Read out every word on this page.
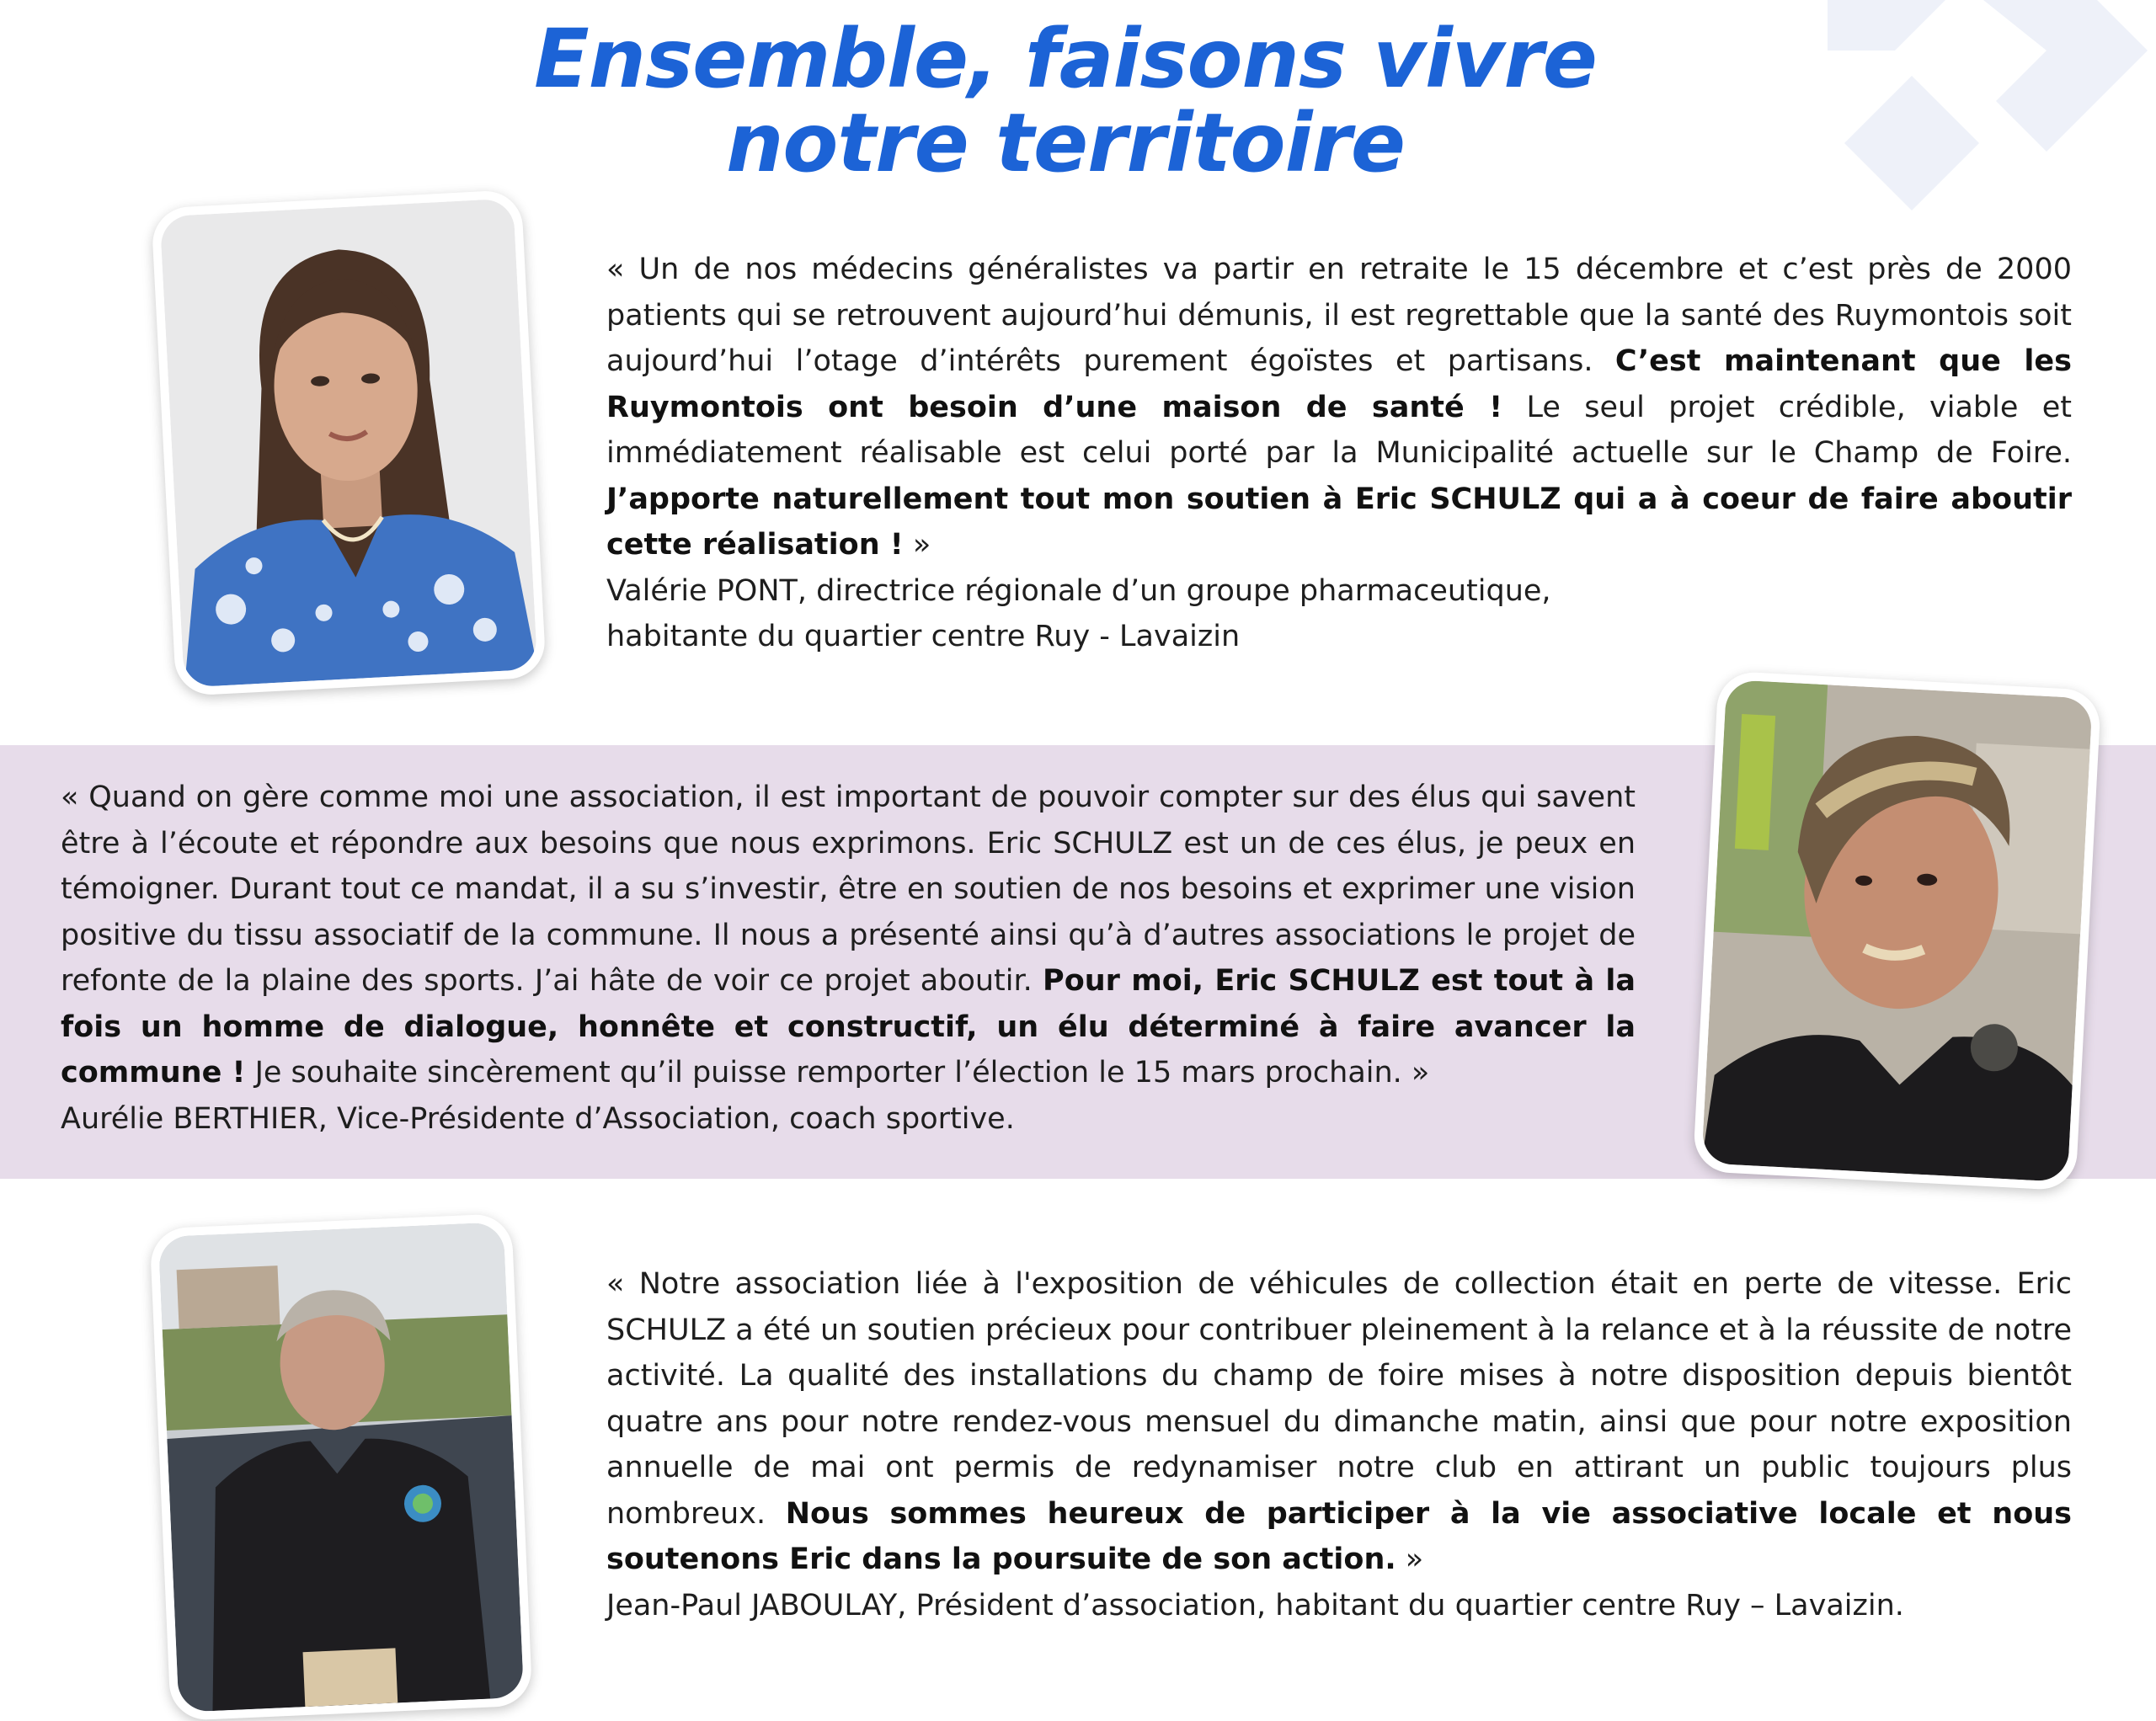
Ensemble, faisons vivre
notre territoire
« Un de nos médecins généralistes va partir en retraite le 15 décembre et c’est près de 2000 patients qui se retrouvent aujourd’hui démunis, il est regrettable que la santé des Ruymontois soit aujourd’hui l’otage d’intérêts purement égoïstes et partisans. C’est maintenant que les Ruymontois ont besoin d’une maison de santé ! Le seul projet crédible, viable et immédiatement réalisable est celui porté par la Municipalité actuelle sur le Champ de Foire. J’apporte naturellement tout mon soutien à Eric SCHULZ qui a à coeur de faire aboutir cette réalisation ! »
Valérie PONT, directrice régionale d’un groupe pharmaceutique,
habitante du quartier centre Ruy - Lavaizin
« Quand on gère comme moi une association, il est important de pouvoir compter sur des élus qui savent être à l’écoute et répondre aux besoins que nous exprimons. Eric SCHULZ est un de ces élus, je peux en témoigner. Durant tout ce mandat, il a su s’investir, être en soutien de nos besoins et exprimer une vision positive du tissu associatif de la commune. Il nous a présenté ainsi qu’à d’autres associations le projet de refonte de la plaine des sports. J’ai hâte de voir ce projet aboutir. Pour moi, Eric SCHULZ est tout à la fois un homme de dialogue, honnête et constructif, un élu déterminé à faire avancer la commune ! Je souhaite sincèrement qu’il puisse remporter l’élection le 15 mars prochain. »
Aurélie BERTHIER, Vice-Présidente d’Association, coach sportive.
« Notre association liée à l'exposition de véhicules de collection était en perte de vitesse. Eric SCHULZ a été un soutien précieux pour contribuer pleinement à la relance et à la réussite de notre activité. La qualité des installations du champ de foire mises à notre disposition depuis bientôt quatre ans pour notre rendez-vous mensuel du dimanche matin, ainsi que pour notre exposition annuelle de mai ont permis de redynamiser notre club en attirant un public toujours plus nombreux. Nous sommes heureux de participer à la vie associative locale et nous soutenons Eric dans la poursuite de son action. »
Jean-Paul JABOULAY, Président d’association, habitant du quartier centre Ruy – Lavaizin.
